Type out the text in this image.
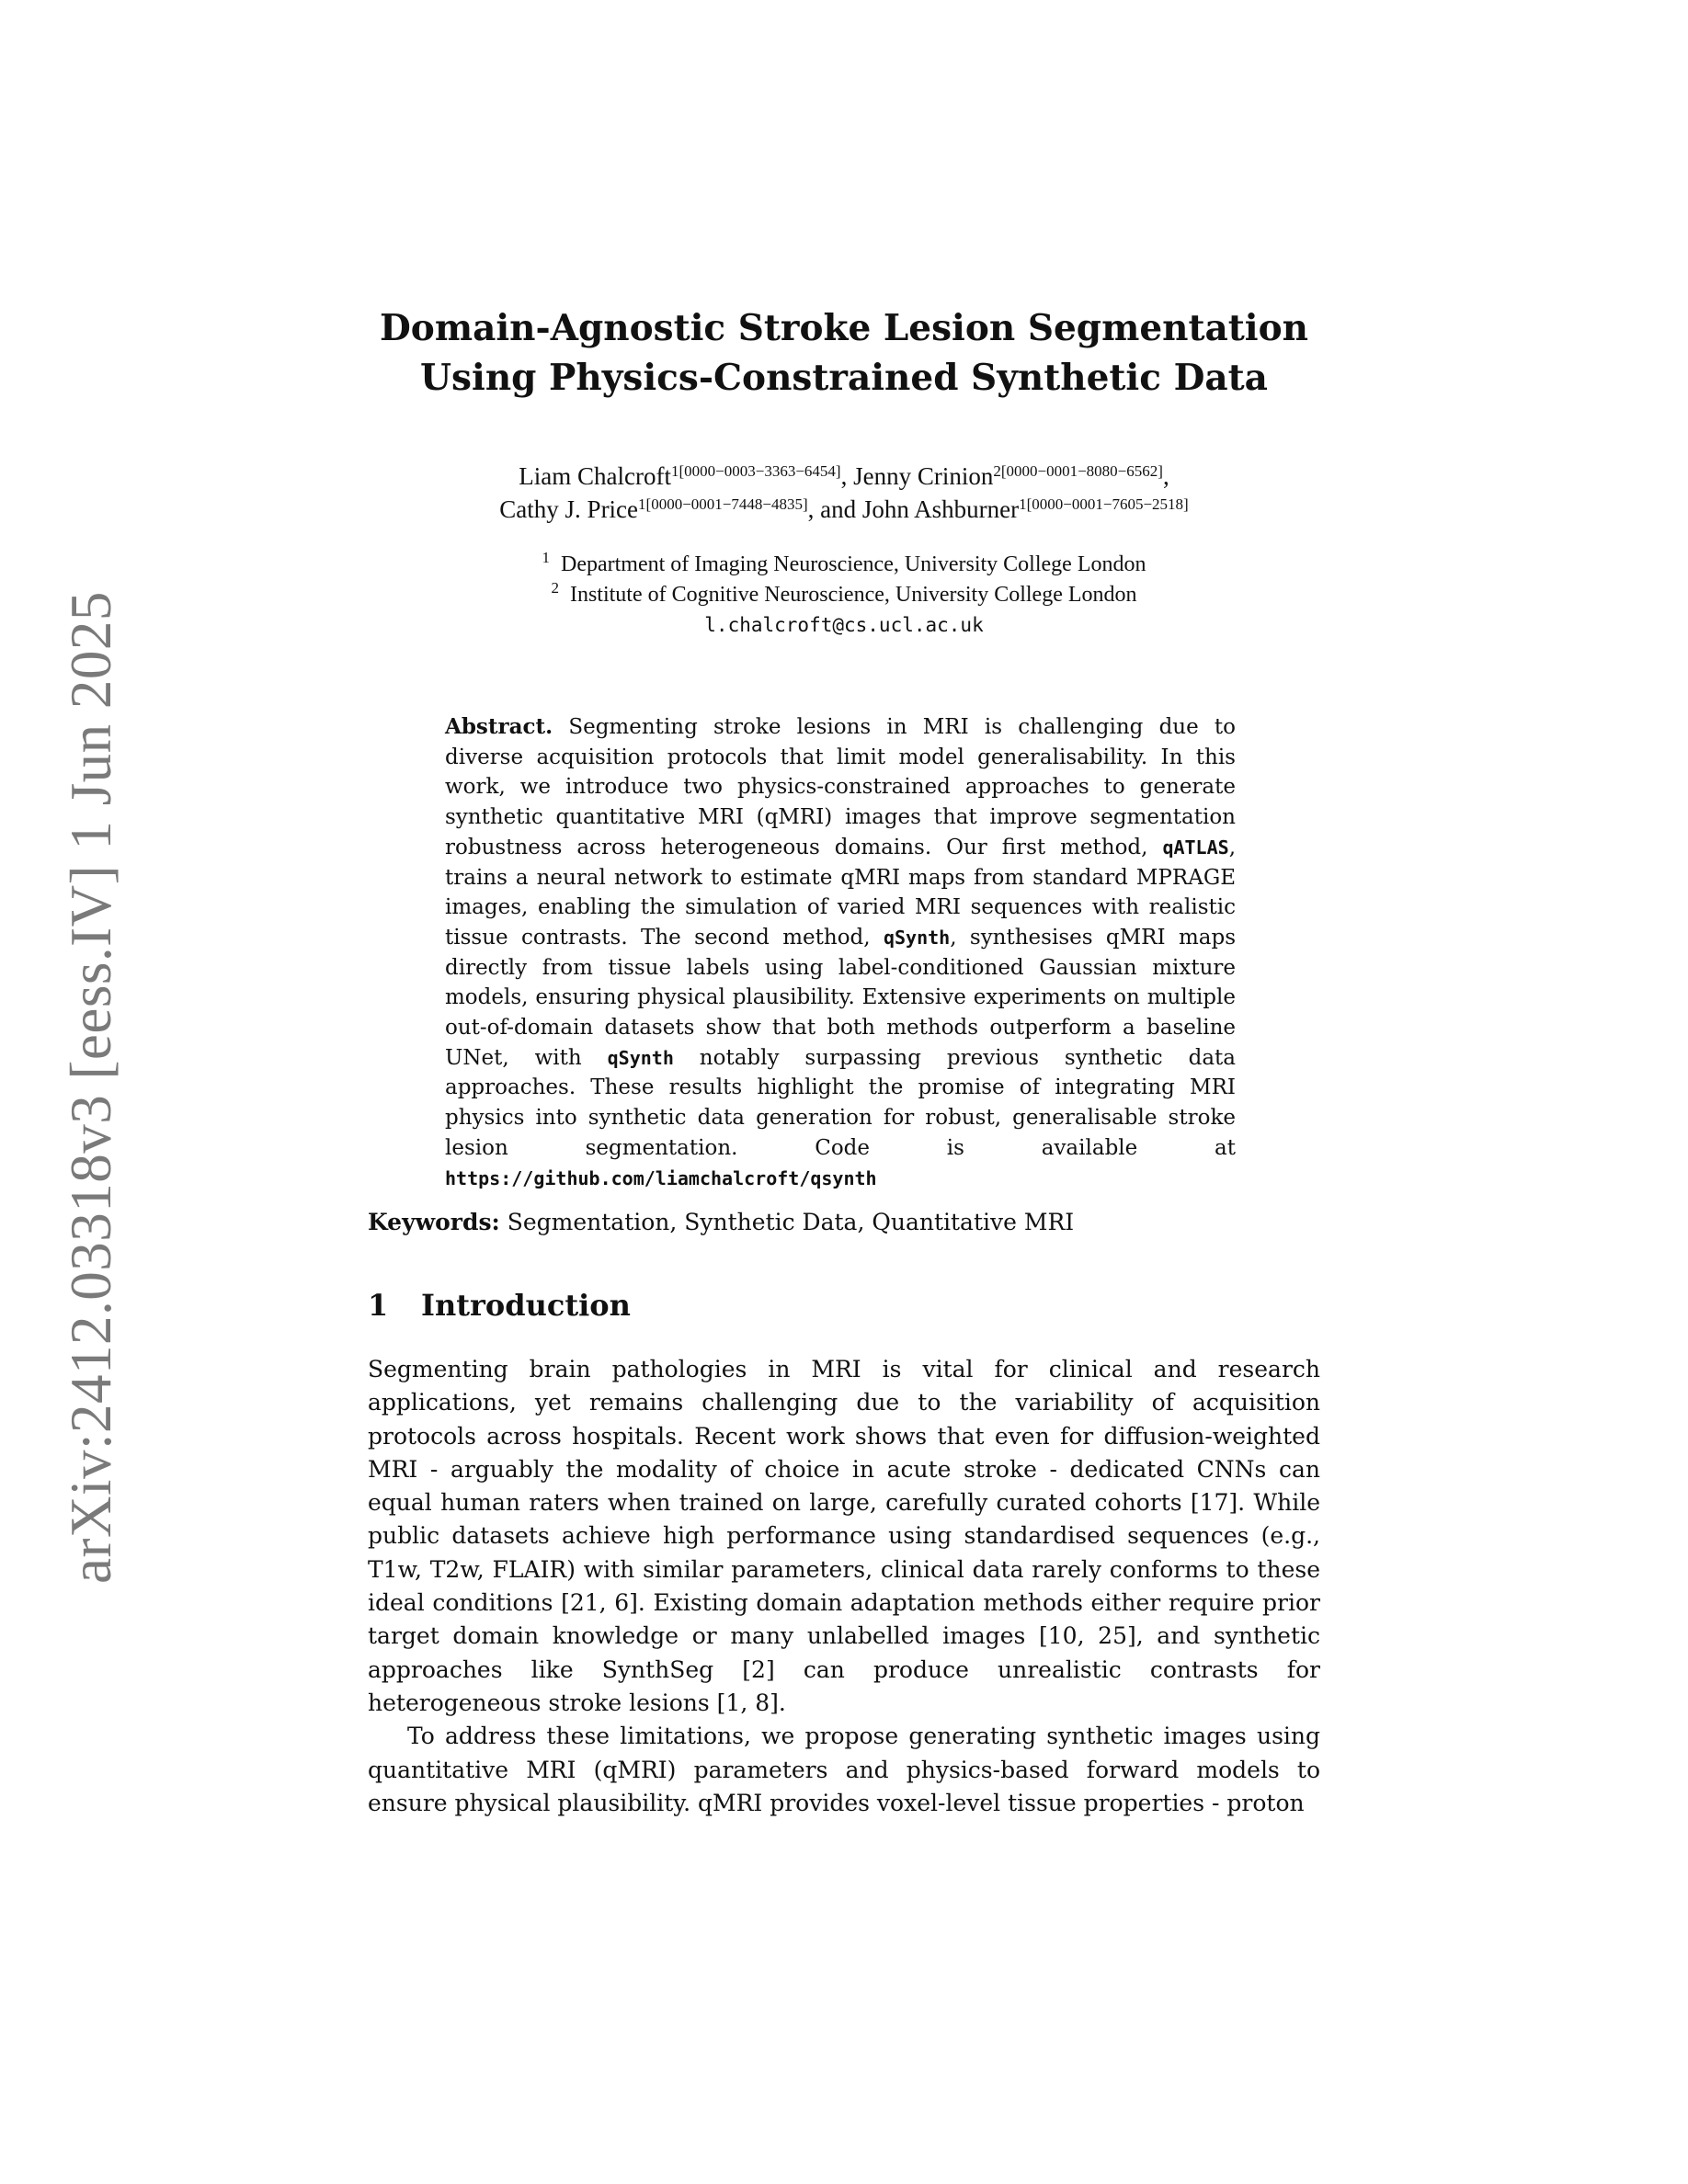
arXiv:2412.03318v3 [eess.IV] 1 Jun 2025
Domain-Agnostic Stroke Lesion Segmentation
Using Physics-Constrained Synthetic Data
Liam Chalcroft$^{1[0000-0003-3363-6454]}$, Jenny Crinion$^{2[0000-0001-8080-6562]}$,
Cathy J. Price$^{1[0000-0001-7448-4835]}$, and John Ashburner$^{1[0000-0001-7605-2518]}$
$^1$ Department of Imaging Neuroscience, University College London
$^2$ Institute of Cognitive Neuroscience, University College London
l.chalcroft@cs.ucl.ac.uk
Abstract. Segmenting stroke lesions in MRI is challenging due to diverse acquisition protocols that limit model generalisability. In this work, we introduce two physics-constrained approaches to generate synthetic quantitative MRI (qMRI) images that improve segmentation robustness across heterogeneous domains. Our first method, qATLAS, trains a neural network to estimate qMRI maps from standard MPRAGE images, enabling the simulation of varied MRI sequences with realistic tissue contrasts. The second method, qSynth, synthesises qMRI maps directly from tissue labels using label-conditioned Gaussian mixture models, ensuring physical plausibility. Extensive experiments on multiple out-of-domain datasets show that both methods outperform a baseline UNet, with qSynth notably surpassing previous synthetic data approaches. These results highlight the promise of integrating MRI physics into synthetic data generation for robust, generalisable stroke lesion segmentation. Code is available at https://github.com/liamchalcroft/qsynth
Keywords: Segmentation, Synthetic Data, Quantitative MRI
1 Introduction

Segmenting brain pathologies in MRI is vital for clinical and research applications, yet remains challenging due to the variability of acquisition protocols across hospitals. Recent work shows that even for diffusion-weighted MRI - arguably the modality of choice in acute stroke - dedicated CNNs can equal human raters when trained on large, carefully curated cohorts [17]. While public datasets achieve high performance using standardised sequences (e.g., T1w, T2w, FLAIR) with similar parameters, clinical data rarely conforms to these ideal conditions [21, 6]. Existing domain adaptation methods either require prior target domain knowledge or many unlabelled images [10, 25], and synthetic approaches like SynthSeg [2] can produce unrealistic contrasts for heterogeneous stroke lesions [1, 8].

To address these limitations, we propose generating synthetic images using quantitative MRI (qMRI) parameters and physics-based forward models to ensure physical plausibility. qMRI provides voxel-level tissue properties - proton
